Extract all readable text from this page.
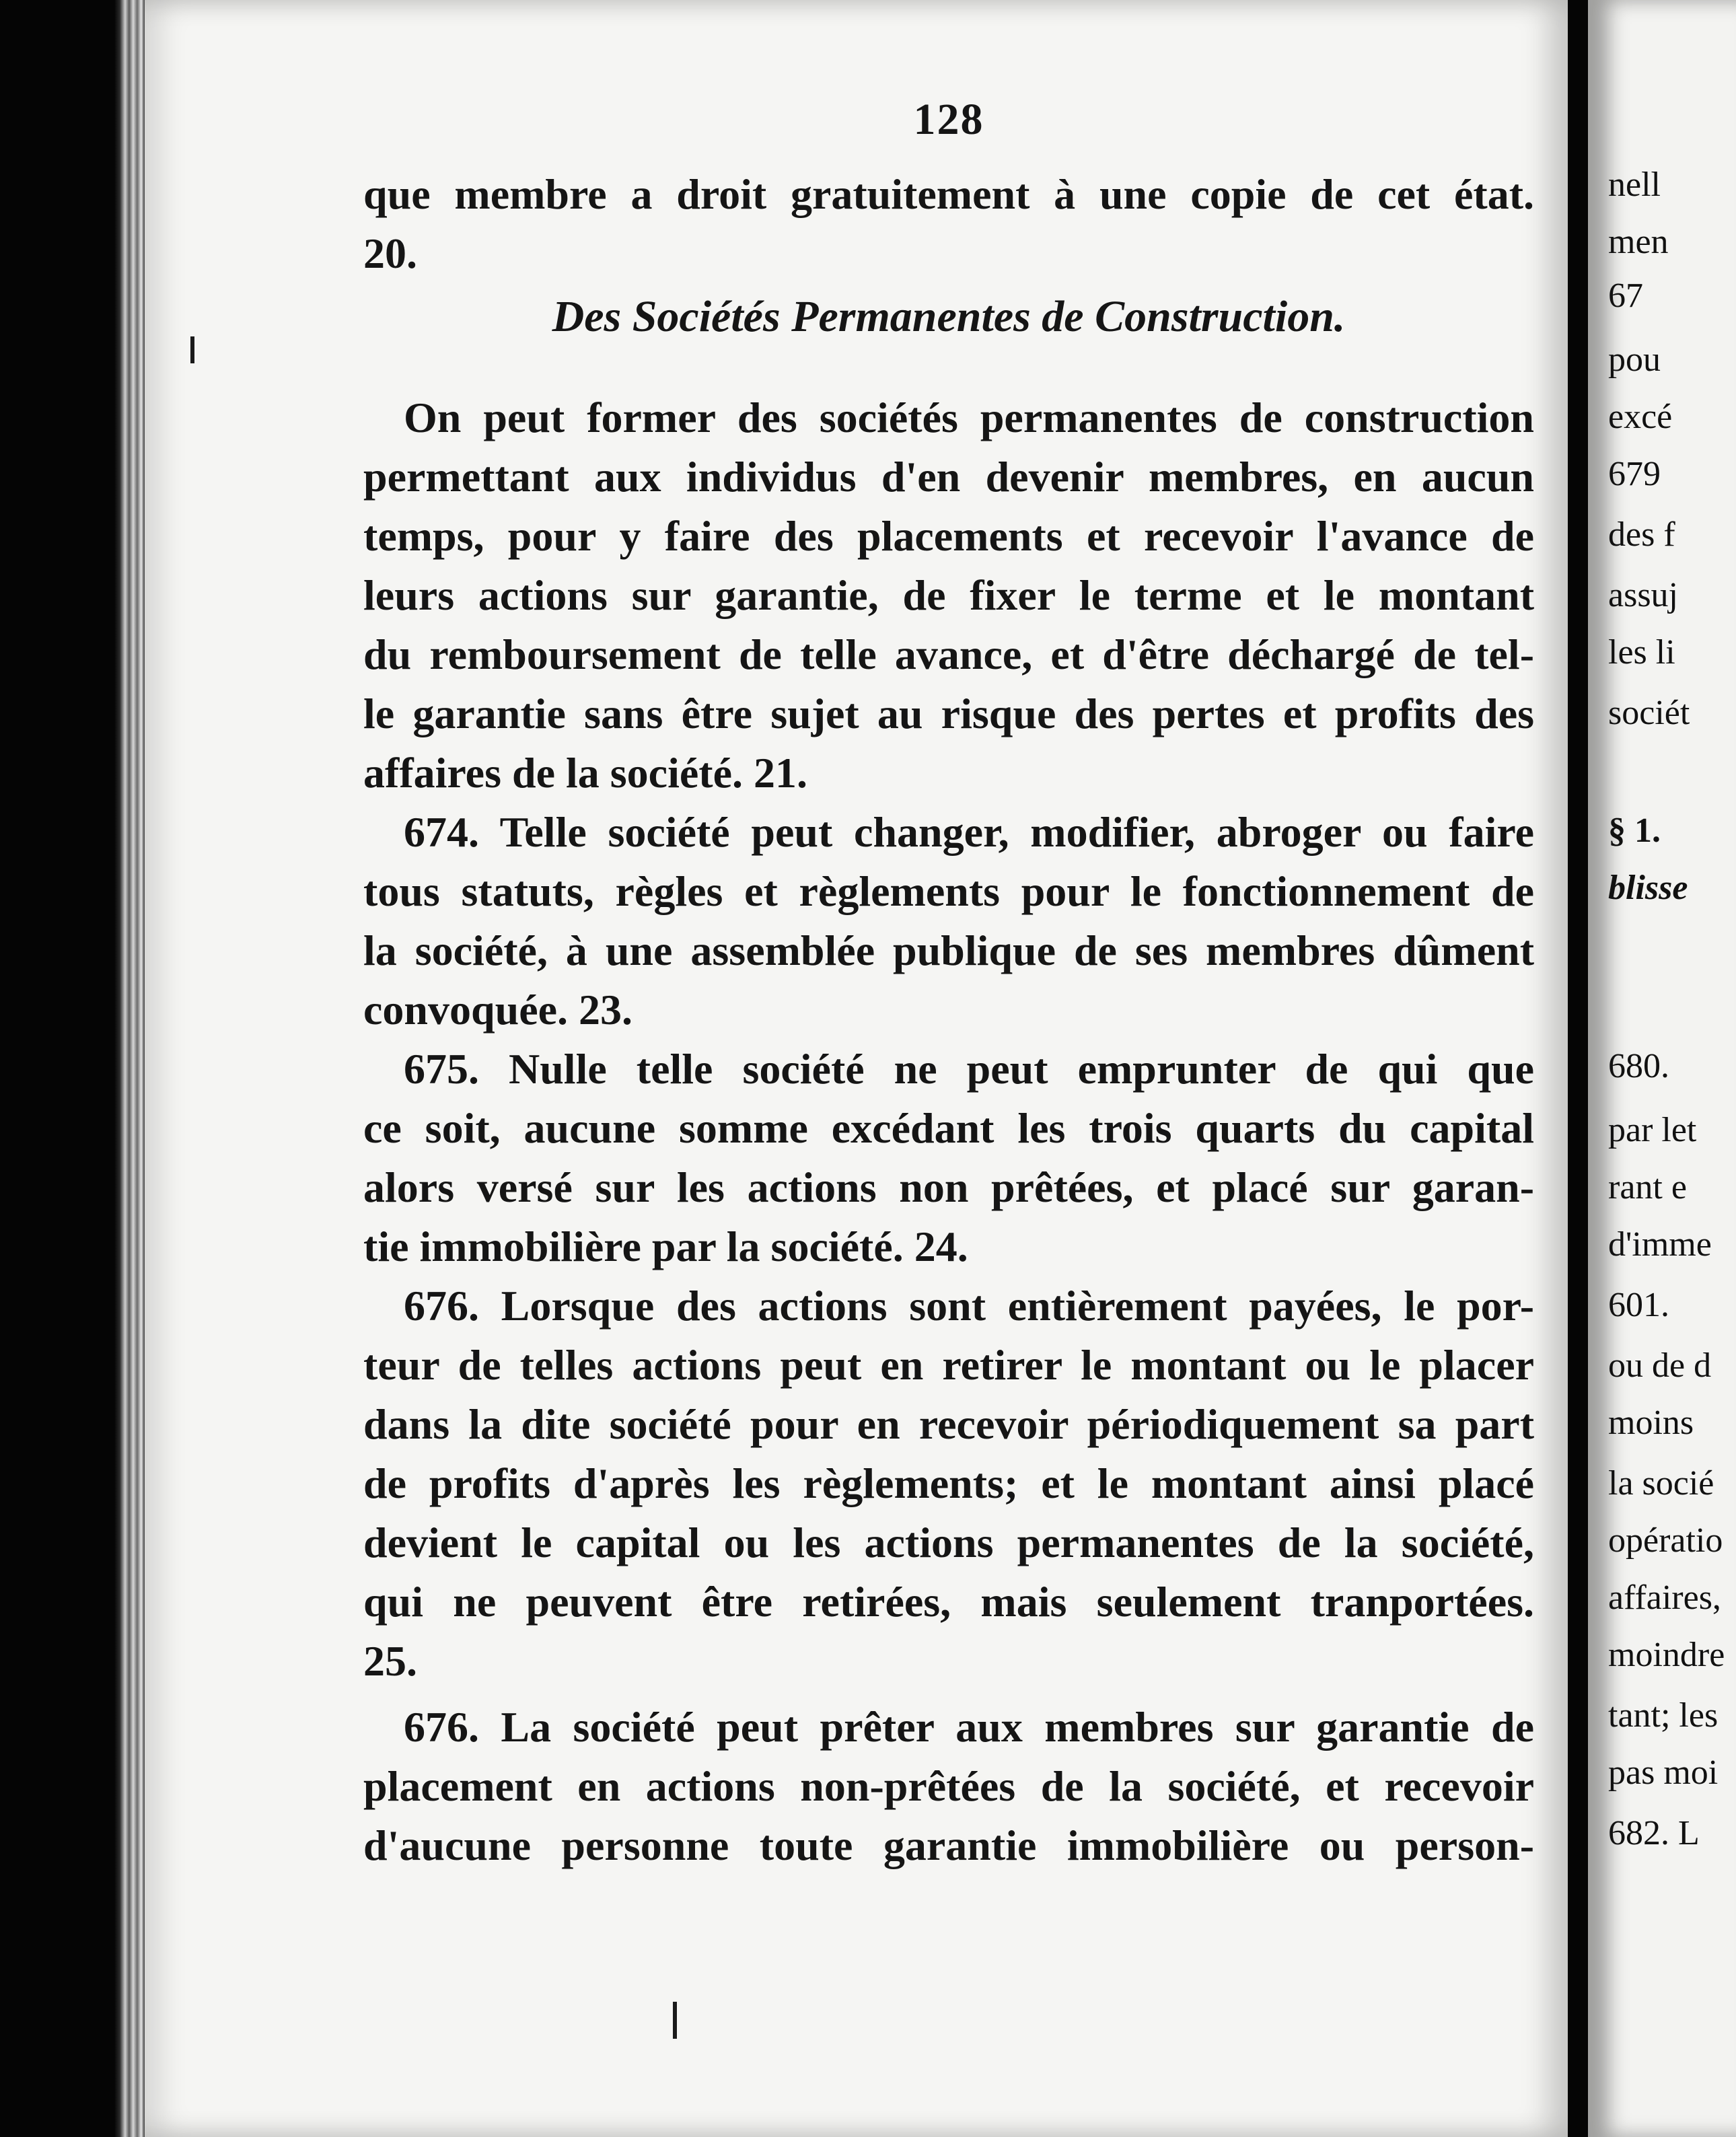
128
que membre a droit gratuitement à une copie de cet état.
20.
Des Sociétés Permanentes de Construction.
On peut former des sociétés permanentes de construction
permettant aux individus d'en devenir membres, en aucun
temps, pour y faire des placements et recevoir l'avance de
leurs actions sur garantie, de fixer le terme et le montant
du remboursement de telle avance, et d'être déchargé de tel-
le garantie sans être sujet au risque des pertes et profits des
affaires de la société. 21.
674. Telle société peut changer, modifier, abroger ou faire
tous statuts, règles et règlements pour le fonctionnement de
la société, à une assemblée publique de ses membres dûment
convoquée. 23.
675. Nulle telle société ne peut emprunter de qui que
ce soit, aucune somme excédant les trois quarts du capital
alors versé sur les actions non prêtées, et placé sur garan-
tie immobilière par la société. 24.
676. Lorsque des actions sont entièrement payées, le por-
teur de telles actions peut en retirer le montant ou le placer
dans la dite société pour en recevoir périodiquement sa part
de profits d'après les règlements; et le montant ainsi placé
devient le capital ou les actions permanentes de la société,
qui ne peuvent être retirées, mais seulement tranportées.
25.
676. La société peut prêter aux membres sur garantie de
placement en actions non-prêtées de la société, et recevoir
d'aucune personne toute garantie immobilière ou person-
nell
men
67
pou
excé
679
des f
assuj
les li
sociét
§ 1.
blisse
680.
par let
rant e
d'imme
601.
ou de d
moins
la socié
opératio
affaires,
moindre
tant; les
pas moi
682. L
